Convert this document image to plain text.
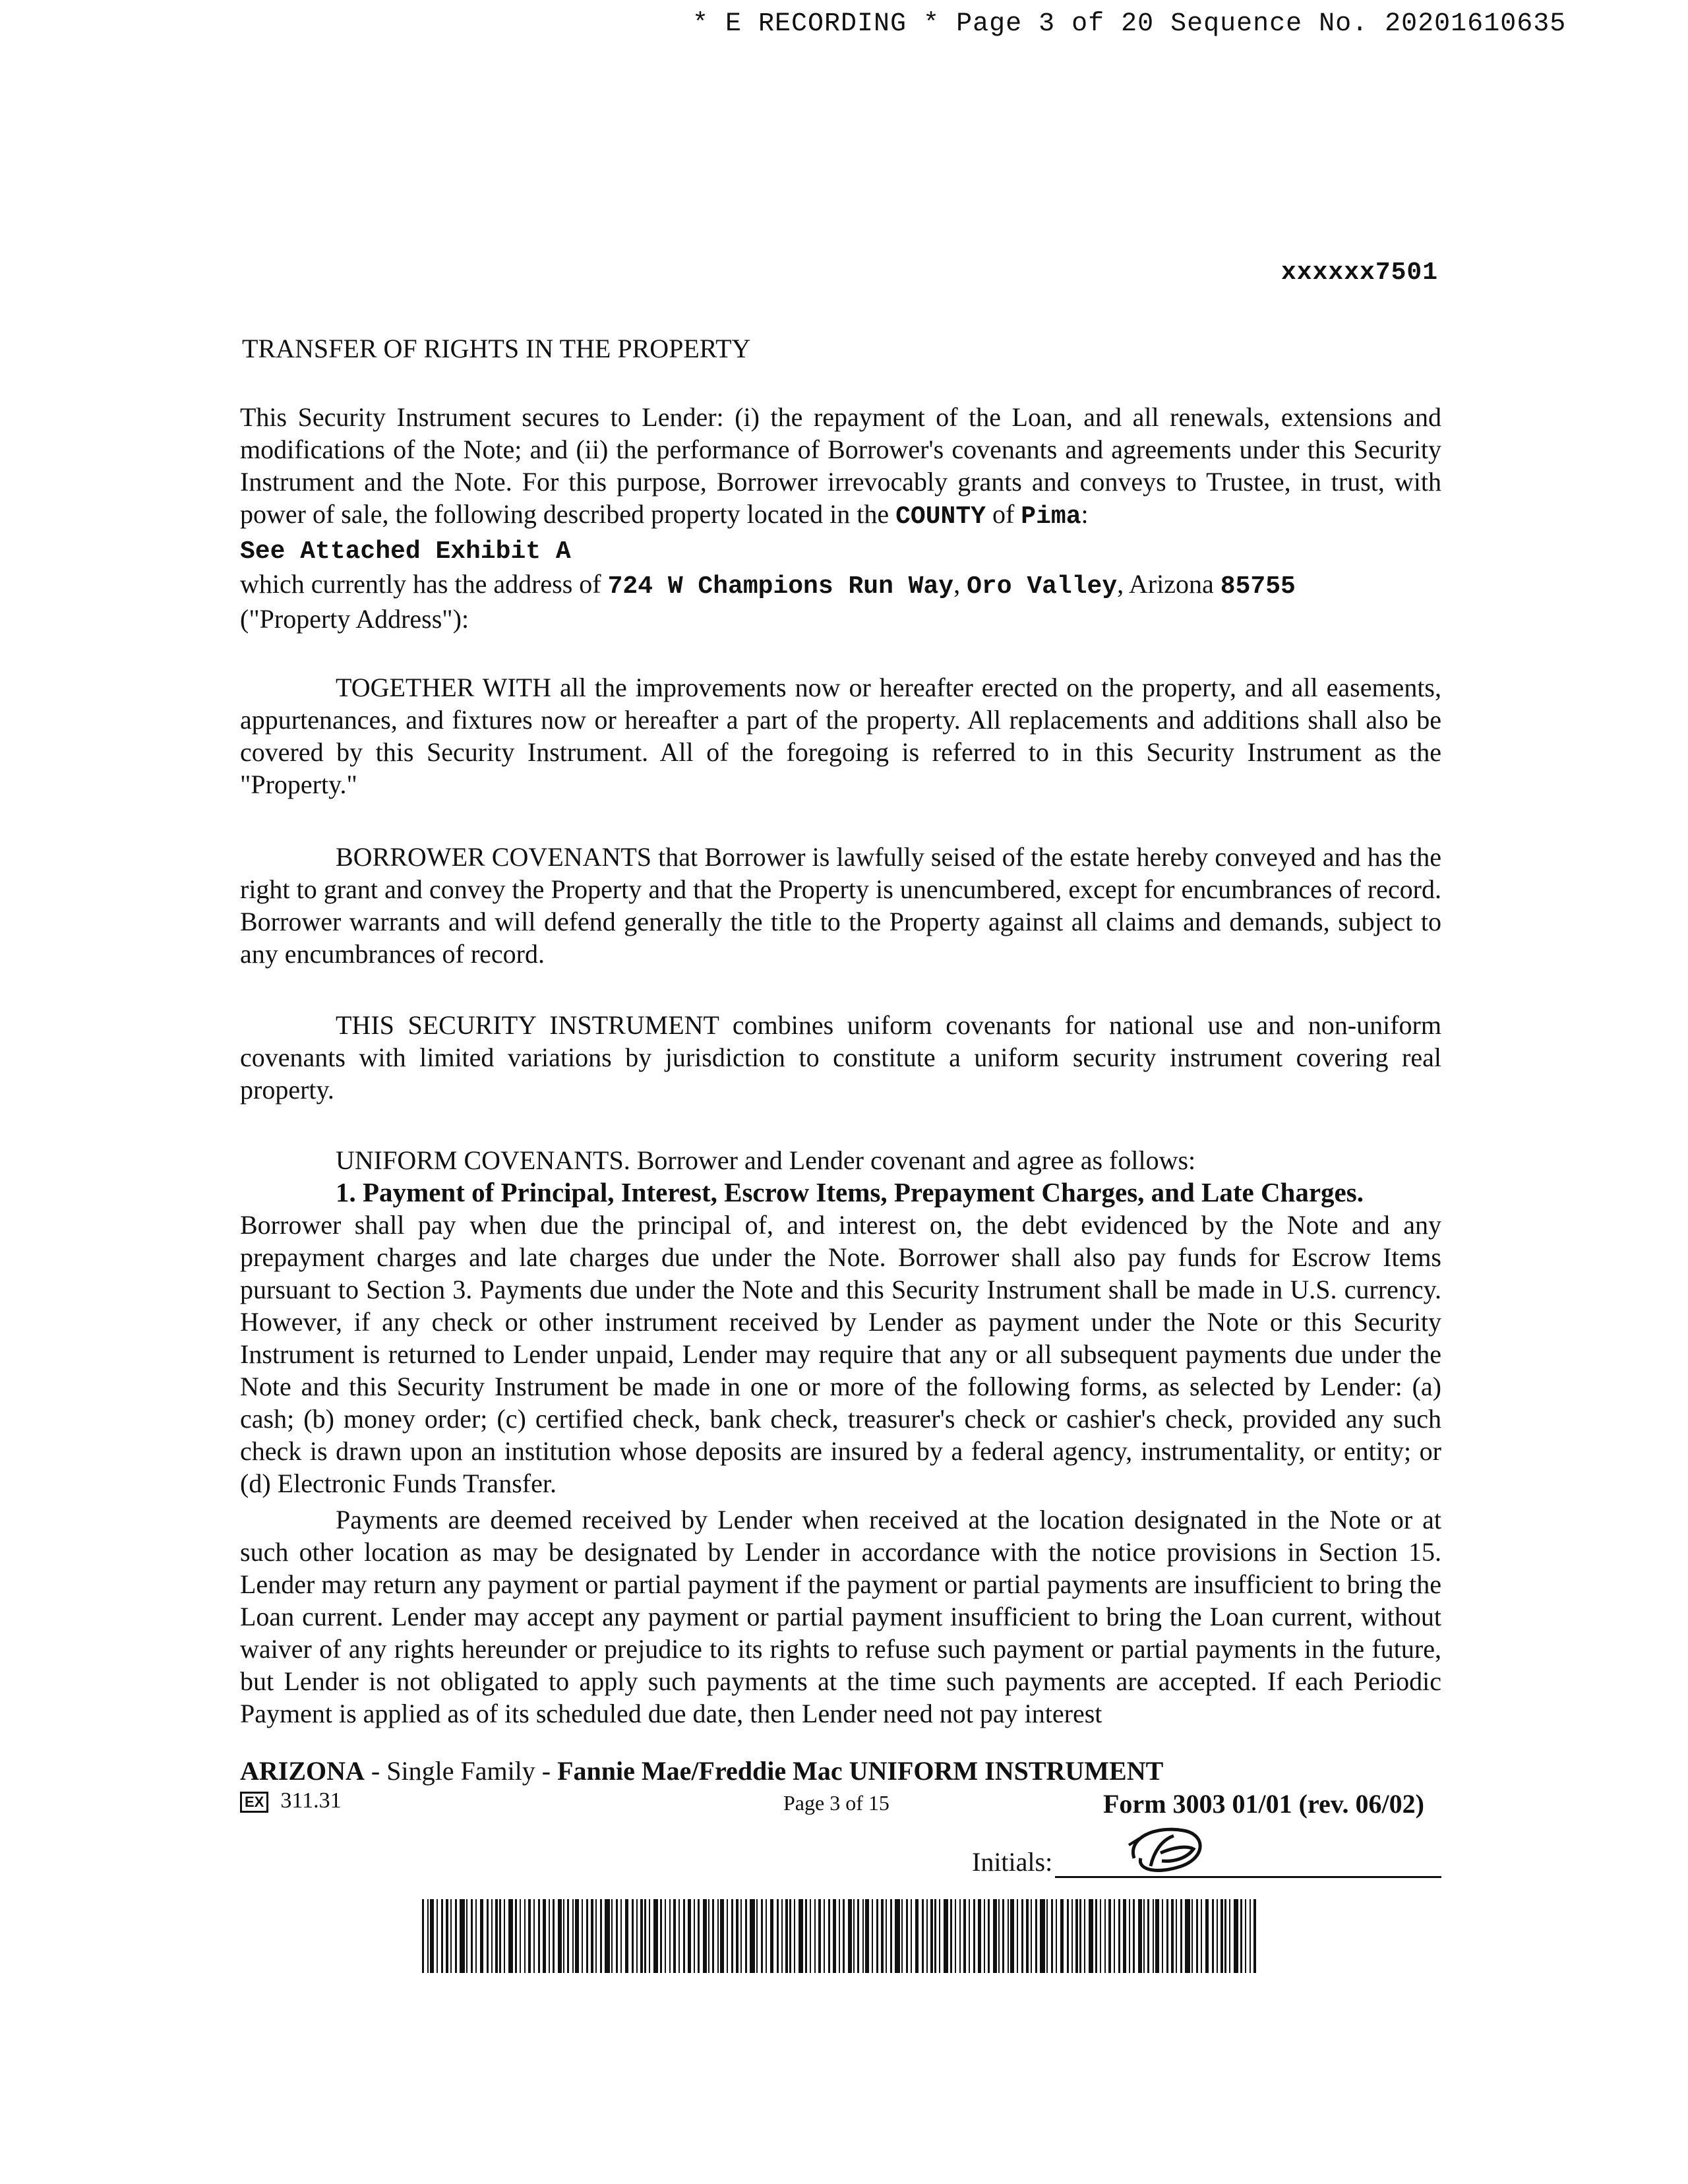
* E RECORDING * Page 3 of 20 Sequence No. 20201610635
xxxxxx7501
TRANSFER OF RIGHTS IN THE PROPERTY

This Security Instrument secures to Lender: (i) the repayment of the Loan, and all renewals, extensions and modifications of the Note; and (ii) the performance of Borrower's covenants and agreements under this Security Instrument and the Note. For this purpose, Borrower irrevocably grants and conveys to Trustee, in trust, with power of sale, the following described property located in the COUNTY of Pima:

See Attached Exhibit A

which currently has the address of 724 W Champions Run Way, Oro Valley, Arizona 85755

("Property Address"):

TOGETHER WITH all the improvements now or hereafter erected on the property, and all easements, appurtenances, and fixtures now or hereafter a part of the property. All replacements and additions shall also be covered by this Security Instrument. All of the foregoing is referred to in this Security Instrument as the "Property."

BORROWER COVENANTS that Borrower is lawfully seised of the estate hereby conveyed and has the right to grant and convey the Property and that the Property is unencumbered, except for encumbrances of record. Borrower warrants and will defend generally the title to the Property against all claims and demands, subject to any encumbrances of record.

THIS SECURITY INSTRUMENT combines uniform covenants for national use and non-uniform covenants with limited variations by jurisdiction to constitute a uniform security instrument covering real property.

UNIFORM COVENANTS. Borrower and Lender covenant and agree as follows:

1. Payment of Principal, Interest, Escrow Items, Prepayment Charges, and Late Charges.

Borrower shall pay when due the principal of, and interest on, the debt evidenced by the Note and any prepayment charges and late charges due under the Note. Borrower shall also pay funds for Escrow Items pursuant to Section 3. Payments due under the Note and this Security Instrument shall be made in U.S. currency. However, if any check or other instrument received by Lender as payment under the Note or this Security Instrument is returned to Lender unpaid, Lender may require that any or all subsequent payments due under the Note and this Security Instrument be made in one or more of the following forms, as selected by Lender: (a) cash; (b) money order; (c) certified check, bank check, treasurer's check or cashier's check, provided any such check is drawn upon an institution whose deposits are insured by a federal agency, instrumentality, or entity; or (d) Electronic Funds Transfer.

Payments are deemed received by Lender when received at the location designated in the Note or at such other location as may be designated by Lender in accordance with the notice provisions in Section 15. Lender may return any payment or partial payment if the payment or partial payments are insufficient to bring the Loan current. Lender may accept any payment or partial payment insufficient to bring the Loan current, without waiver of any rights hereunder or prejudice to its rights to refuse such payment or partial payments in the future, but Lender is not obligated to apply such payments at the time such payments are accepted. If each Periodic Payment is applied as of its scheduled due date, then Lender need not pay interest

ARIZONA - Single Family - Fannie Mae/Freddie Mac UNIFORM INSTRUMENT
EX 311.31	Page 3 of 15	Form 3003 01/01 (rev. 06/02)
Initials:
